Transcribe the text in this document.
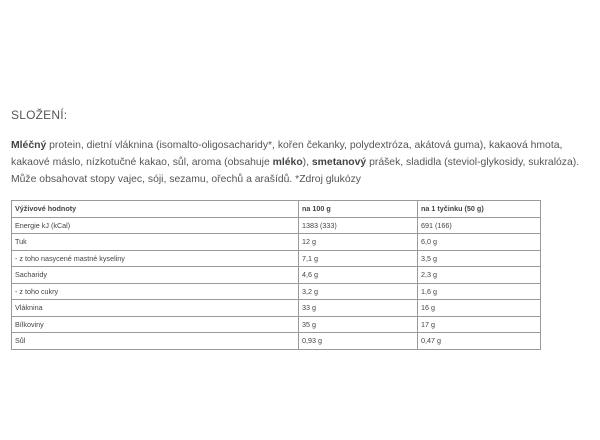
SLOŽENÍ:

Mléčný protein, dietní vláknina (isomalto-oligosacharidy*, kořen čekanky, polydextróza, akátová guma), kakaová hmota, kakaové máslo, nízkotučné kakao, sůl, aroma (obsahuje mléko), smetanový prášek, sladidla (steviol-glykosidy, sukralóza). Může obsahovat stopy vajec, sóji, sezamu, ořechů a arašídů. *Zdroj glukózy

Výživové hodnoty	na 100 g	na 1 tyčinku (50 g)
Energie kJ (kCal)	1383 (333)	691 (166)
Tuk	12 g	6,0 g
- z toho nasycené mastné kyseliny	7,1 g	3,5 g
Sacharidy	4,6 g	2,3 g
- z toho cukry	3,2 g	1,6 g
Vláknina	33 g	16 g
Bílkoviny	35 g	17 g
Sůl	0,93 g	0,47 g
